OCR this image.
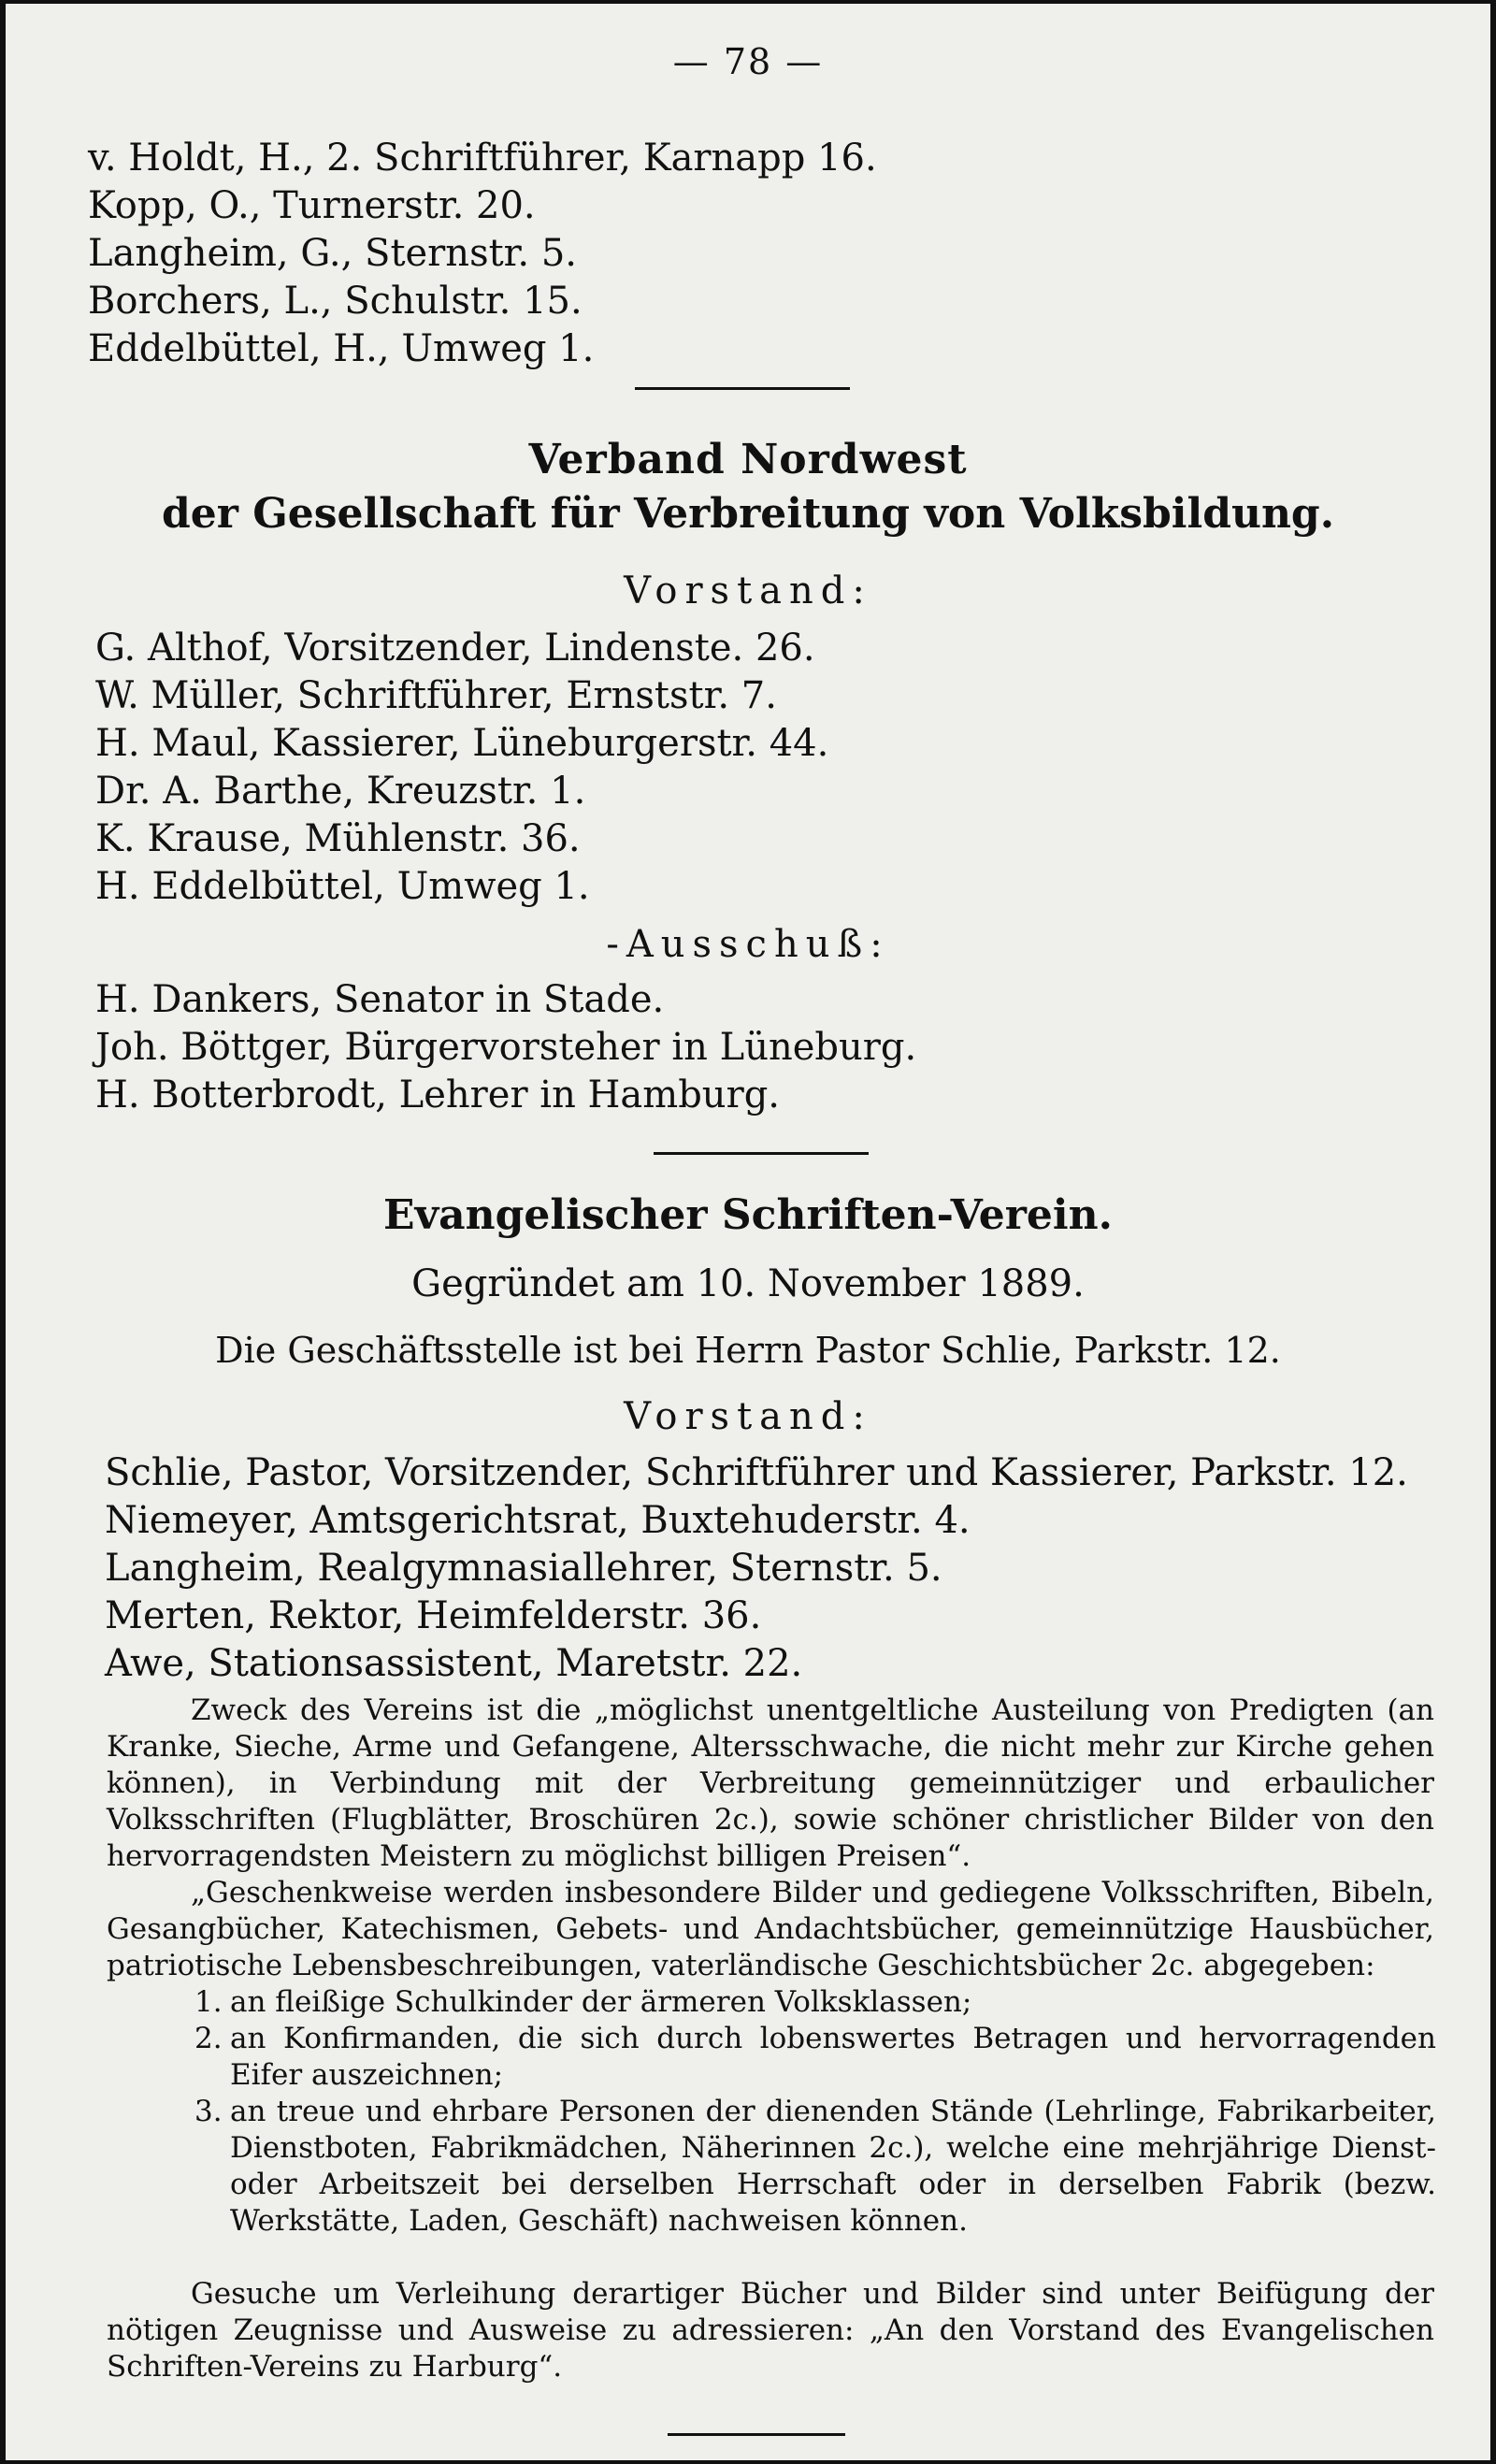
— 78 —
v. Holdt, H., 2. Schriftführer, Karnapp 16.
Kopp, O., Turnerstr. 20.
Langheim, G., Sternstr. 5.
Borchers, L., Schulstr. 15.
Eddelbüttel, H., Umweg 1.
Verband Nordwest
der Gesellschaft für Verbreitung von Volksbildung.
Vorstand:
G. Althof, Vorsitzender, Lindenste. 26.
W. Müller, Schriftführer, Ernststr. 7.
H. Maul, Kassierer, Lüneburgerstr. 44.
Dr. A. Barthe, Kreuzstr. 1.
K. Krause, Mühlenstr. 36.
H. Eddelbüttel, Umweg 1.
-Ausschuß:
H. Dankers, Senator in Stade.
Joh. Böttger, Bürgervorsteher in Lüneburg.
H. Botterbrodt, Lehrer in Hamburg.
Evangelischer Schriften-Verein.
Gegründet am 10. November 1889.
Die Geschäftsstelle ist bei Herrn Pastor Schlie, Parkstr. 12.
Vorstand:
Schlie, Pastor, Vorsitzender, Schriftführer und Kassierer, Parkstr. 12.
Niemeyer, Amtsgerichtsrat, Buxtehuderstr. 4.
Langheim, Realgymnasiallehrer, Sternstr. 5.
Merten, Rektor, Heimfelderstr. 36.
Awe, Stationsassistent, Maretstr. 22.

Zweck des Vereins ist die „möglichst unentgeltliche Austeilung von Predigten (an Kranke, Sieche, Arme und Gefangene, Altersschwache, die nicht mehr zur Kirche gehen können), in Verbindung mit der Verbreitung gemeinnütziger und erbaulicher Volksschriften (Flugblätter, Broschüren 2c.), sowie schöner christlicher Bilder von den hervorragendsten Meistern zu möglichst billigen Preisen“.

„Geschenkweise werden insbesondere Bilder und gediegene Volksschriften, Bibeln, Gesangbücher, Katechismen, Gebets- und Andachtsbücher, gemeinnützige Hausbücher, patriotische Lebensbeschreibungen, vaterländische Geschichtsbücher 2c. abgegeben:

1. an fleißige Schulkinder der ärmeren Volksklassen;
2. an Konfirmanden, die sich durch lobenswertes Betragen und hervorragenden Eifer auszeichnen;
3. an treue und ehrbare Personen der dienenden Stände (Lehrlinge, Fabrikarbeiter, Dienstboten, Fabrikmädchen, Näherinnen 2c.), welche eine mehrjährige Dienst- oder Arbeitszeit bei derselben Herrschaft oder in derselben Fabrik (bezw. Werkstätte, Laden, Geschäft) nachweisen können.

Gesuche um Verleihung derartiger Bücher und Bilder sind unter Beifügung der nötigen Zeugnisse und Ausweise zu adressieren: „An den Vorstand des Evangelischen Schriften-Vereins zu Harburg“.
